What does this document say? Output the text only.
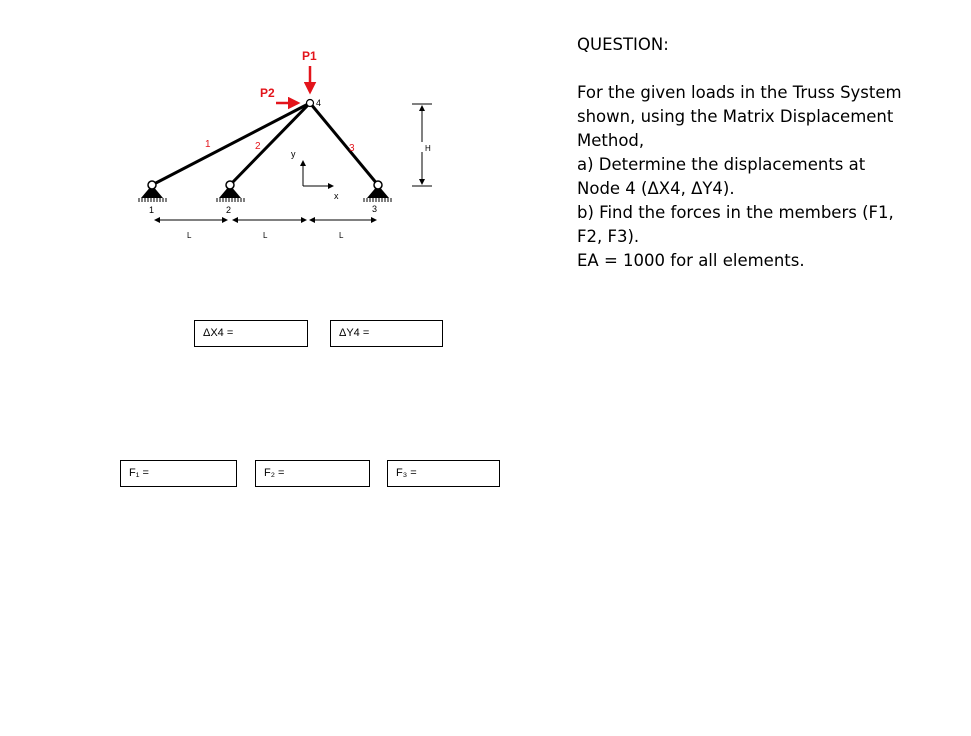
P1
P2
4
1	2	3
1	2	3
y
x
H
L	L	L
QUESTION:
For the given loads in the Truss System
shown, using the Matrix Displacement
Method,
a) Determine the displacements at
Node 4 (ΔX4, ΔY4).
b) Find the forces in the members (F1,
F2, F3).
EA = 1000 for all elements.
ΔX4 =	ΔY4 =
F₁ =	F₂ =	F₃ =
